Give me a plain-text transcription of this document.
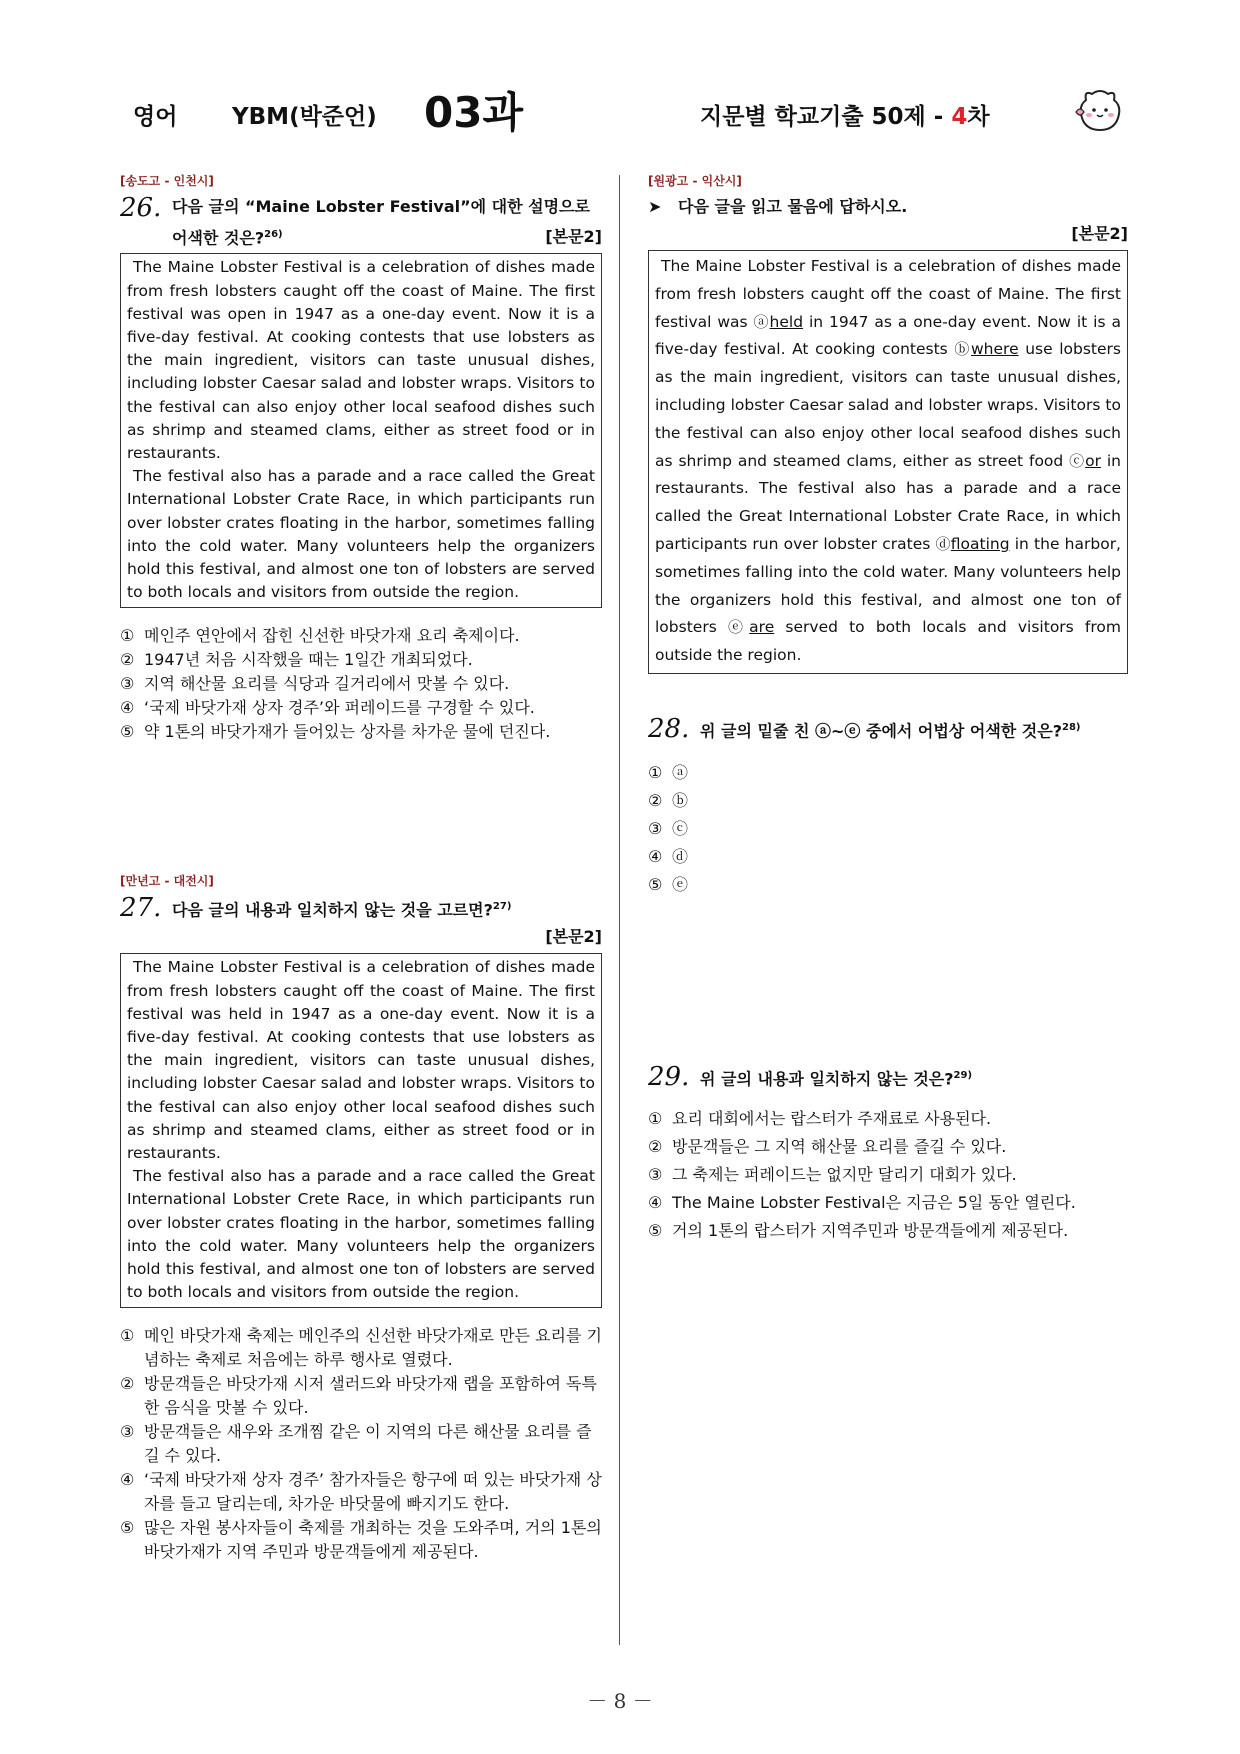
영어 YBM(박준언) 03과	지문별 학교기출 50제 - 4차

[송도고 - 인천시]

26. 다음 글의 “Maine Lobster Festival”에 대한 설명으로 어색한 것은?$^{26)}$	[본문2]

The Maine Lobster Festival is a celebration of dishes made from fresh lobsters caught off the coast of Maine. The first festival was open in 1947 as a one-day event. Now it is a five-day festival. At cooking contests that use lobsters as the main ingredient, visitors can taste unusual dishes, including lobster Caesar salad and lobster wraps. Visitors to the festival can also enjoy other local seafood dishes such as shrimp and steamed clams, either as street food or in restaurants.

The festival also has a parade and a race called the Great International Lobster Crate Race, in which participants run over lobster crates floating in the harbor, sometimes falling into the cold water. Many volunteers help the organizers hold this festival, and almost one ton of lobsters are served to both locals and visitors from outside the region.

① 메인주 연안에서 잡힌 신선한 바닷가재 요리 축제이다.
② 1947년 처음 시작했을 때는 1일간 개최되었다.
③ 지역 해산물 요리를 식당과 길거리에서 맛볼 수 있다.
④ ‘국제 바닷가재 상자 경주’와 퍼레이드를 구경할 수 있다.
⑤ 약 1톤의 바닷가재가 들어있는 상자를 차가운 물에 던진다.

[만년고 - 대전시]

27. 다음 글의 내용과 일치하지 않는 것을 고르면?$^{27)}$
[본문2]

The Maine Lobster Festival is a celebration of dishes made from fresh lobsters caught off the coast of Maine. The first festival was held in 1947 as a one-day event. Now it is a five-day festival. At cooking contests that use lobsters as the main ingredient, visitors can taste unusual dishes, including lobster Caesar salad and lobster wraps. Visitors to the festival can also enjoy other local seafood dishes such as shrimp and steamed clams, either as street food or in restaurants.

The festival also has a parade and a race called the Great International Lobster Crete Race, in which participants run over lobster crates floating in the harbor, sometimes falling into the cold water. Many volunteers help the organizers hold this festival, and almost one ton of lobsters are served to both locals and visitors from outside the region.

① 메인 바닷가재 축제는 메인주의 신선한 바닷가재로 만든 요리를 기념하는 축제로 처음에는 하루 행사로 열렸다.
② 방문객들은 바닷가재 시저 샐러드와 바닷가재 랩을 포함하여 독특한 음식을 맛볼 수 있다.
③ 방문객들은 새우와 조개찜 같은 이 지역의 다른 해산물 요리를 즐길 수 있다.
④ ‘국제 바닷가재 상자 경주’ 참가자들은 항구에 떠 있는 바닷가재 상자를 들고 달리는데, 차가운 바닷물에 빠지기도 한다.
⑤ 많은 자원 봉사자들이 축제를 개최하는 것을 도와주며, 거의 1톤의 바닷가재가 지역 주민과 방문객들에게 제공된다.

[원광고 - 익산시]

➤	다음 글을 읽고 물음에 답하시오.
[본문2]

The Maine Lobster Festival is a celebration of dishes made from fresh lobsters caught off the coast of Maine. The first festival was ⓐheld in 1947 as a one-day event. Now it is a five-day festival. At cooking contests ⓑwhere use lobsters as the main ingredient, visitors can taste unusual dishes, including lobster Caesar salad and lobster wraps. Visitors to the festival can also enjoy other local seafood dishes such as shrimp and steamed clams, either as street food ⓒor in restaurants. The festival also has a parade and a race called the Great International Lobster Crate Race, in which participants run over lobster crates ⓓfloating in the harbor, sometimes falling into the cold water. Many volunteers help the organizers hold this festival, and almost one ton of lobsters ⓔare served to both locals and visitors from outside the region.

28. 위 글의 밑줄 친 ⓐ~ⓔ 중에서 어법상 어색한 것은?$^{28)}$
① ⓐ
② ⓑ
③ ⓒ
④ ⓓ
⑤ ⓔ
29. 위 글의 내용과 일치하지 않는 것은?$^{29)}$
① 요리 대회에서는 랍스터가 주재료로 사용된다.
② 방문객들은 그 지역 해산물 요리를 즐길 수 있다.
③ 그 축제는 퍼레이드는 없지만 달리기 대회가 있다.
④ The Maine Lobster Festival은 지금은 5일 동안 열린다.
⑤ 거의 1톤의 랍스터가 지역주민과 방문객들에게 제공된다.
－ 8 －
